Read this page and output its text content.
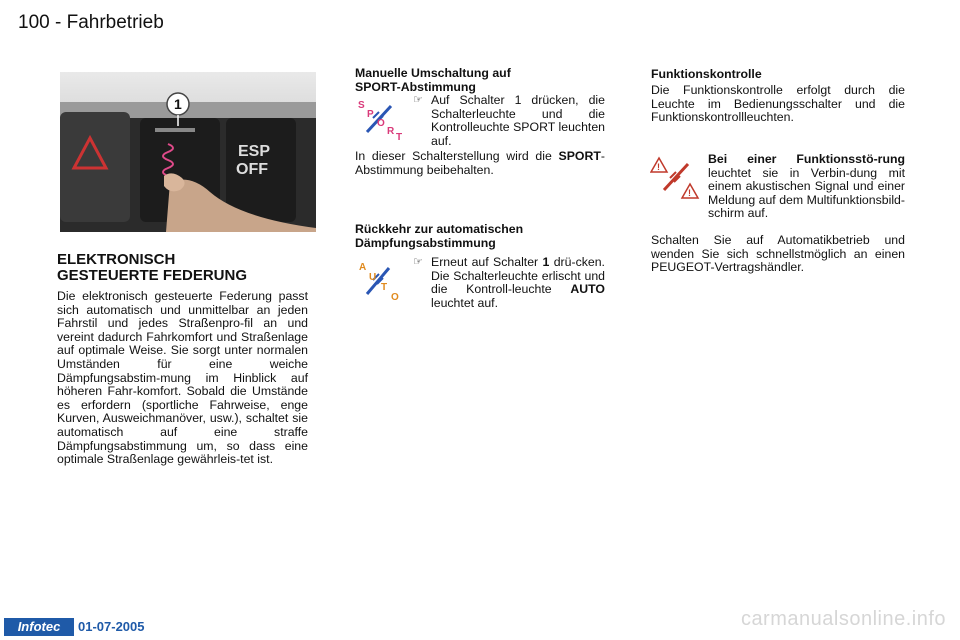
100 - Fahrbetrieb
ESP
OFF
1
ELEKTRONISCH
GESTEUERTE FEDERUNG
Die elektronisch gesteuerte Federung passt sich automatisch und unmittelbar an jeden Fahrstil und jedes Straßenpro-fil an und vereint dadurch Fahrkomfort und Straßenlage auf optimale Weise. Sie sorgt unter normalen Umständen für eine weiche Dämpfungsabstim-mung im Hinblick auf höheren Fahr-komfort. Sobald die Umstände es erfordern (sportliche Fahrweise, enge Kurven, Ausweichmanöver, usw.), schaltet sie automatisch auf eine straffe Dämpfungsabstimmung um, so dass eine optimale Straßenlage gewährleis-tet ist.
Manuelle Umschaltung auf
SPORT-Abstimmung
S
P
O
R
T
☞ Auf Schalter 1 drücken, die Schalterleuchte und die Kontrolleuchte SPORT leuchten auf.
In dieser Schalterstellung wird die SPORT-Abstimmung beibehalten.
Rückkehr zur automatischen
Dämpfungsabstimmung
A
U
T
O
☞ Erneut auf Schalter 1 drü-cken. Die Schalterleuchte erlischt und die Kontroll-leuchte AUTO leuchtet auf.
Funktionskontrolle
Die Funktionskontrolle erfolgt durch die Leuchte im Bedienungsschalter und die Funktionskontrollleuchten.
!
!
Bei einer Funktionsstö-rung leuchtet sie in Verbin-dung mit einem akustischen Signal und einer Meldung auf dem Multifunktionsbild-schirm auf.
Schalten Sie auf Automatikbetrieb und wenden Sie sich schnellstmöglich an einen PEUGEOT-Vertragshändler.
Infotec	01-07-2005	carmanualsonline.info
